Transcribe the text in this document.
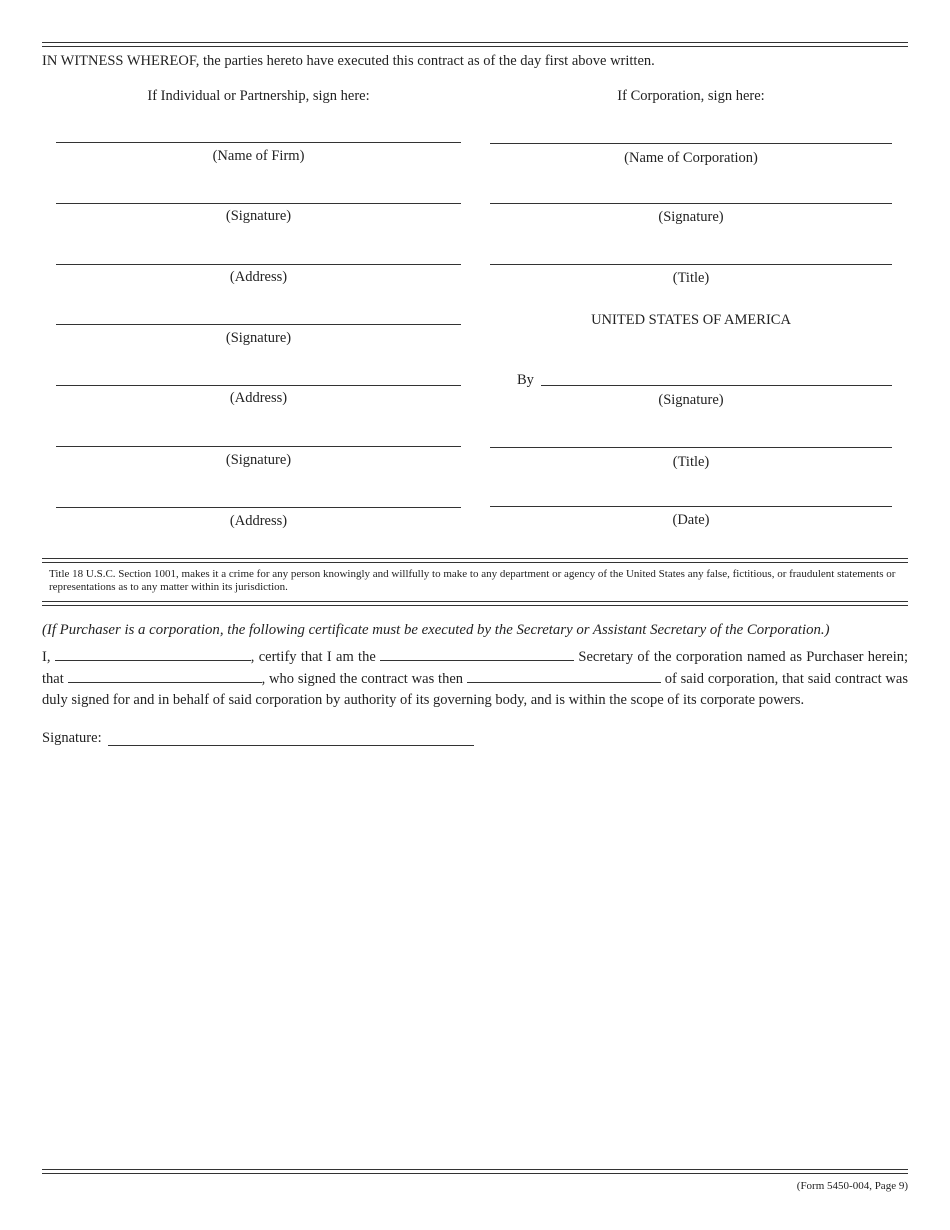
IN WITNESS WHEREOF, the parties hereto have executed this contract as of the day first above written.
If Individual or Partnership, sign here:
(Name of Firm)
(Signature)
(Address)
(Signature)
(Address)
(Signature)
(Address)
If Corporation, sign here:
(Name of Corporation)
(Signature)
(Title)
UNITED STATES OF AMERICA
By
(Signature)
(Title)
(Date)
Title 18 U.S.C. Section 1001, makes it a crime for any person knowingly and willfully to make to any department or agency of the United States any false, fictitious, or fraudulent statements or representations as to any matter within its jurisdiction.
(If Purchaser is a corporation, the following certificate must be executed by the Secretary or Assistant Secretary of the Corporation.)
I,	, certify that I am the	Secretary of the corporation named as Purchaser herein; that	, who signed the contract was then	of said corporation, that said contract was duly signed for and in behalf of said corporation by authority of its governing body, and is within the scope of its corporate powers.
Signature:
(Form 5450-004, Page 9)
